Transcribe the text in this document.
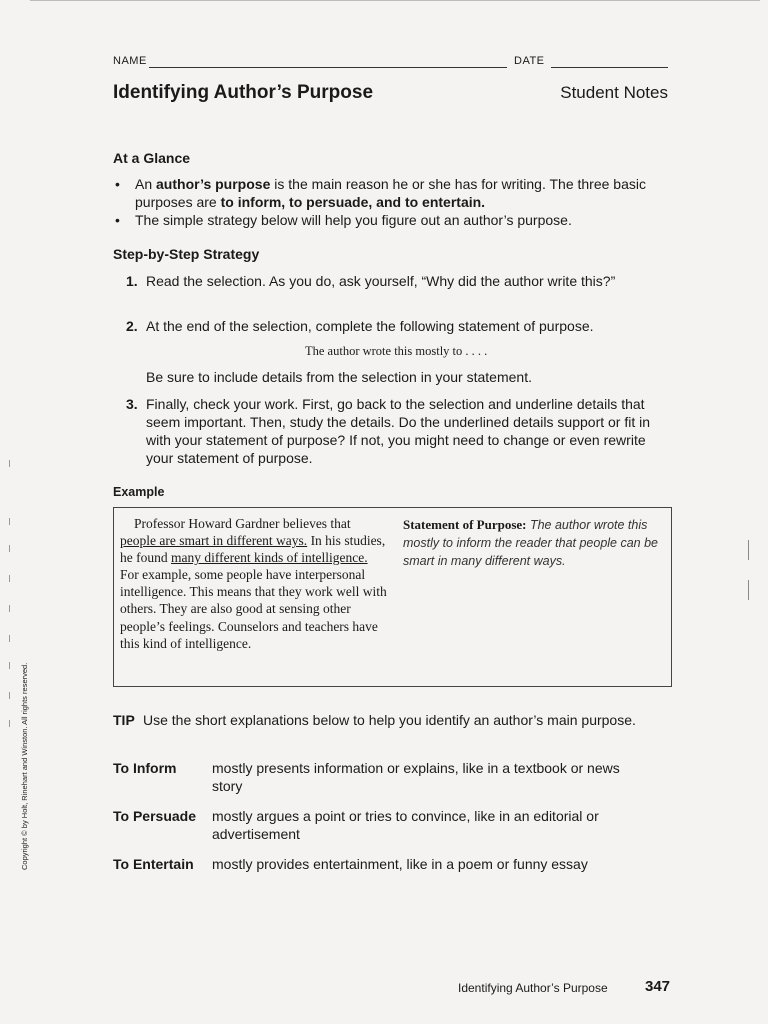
NAME	DATE
Identifying Author’s Purpose	Student Notes
At a Glance
• An author’s purpose is the main reason he or she has for writing. The three basic purposes are to inform, to persuade, and to entertain.
• The simple strategy below will help you figure out an author’s purpose.
Step-by-Step Strategy
1. Read the selection. As you do, ask yourself, “Why did the author write this?”
2. At the end of the selection, complete the following statement of purpose.
The author wrote this mostly to . . . .
Be sure to include details from the selection in your statement.
3. Finally, check your work. First, go back to the selection and underline details that seem important. Then, study the details. Do the underlined details support or fit in with your statement of purpose? If not, you might need to change or even rewrite your statement of purpose.
Example
Professor Howard Gardner believes that people are smart in different ways. In his studies, he found many different kinds of intelligence. For example, some people have interpersonal intelligence. This means that they work well with others. They are also good at sensing other people’s feelings. Counselors and teachers have this kind of intelligence.
Statement of Purpose: The author wrote this mostly to inform the reader that people can be smart in many different ways.
TIP Use the short explanations below to help you identify an author’s main purpose.
To Inform	mostly presents information or explains, like in a textbook or news story
To Persuade mostly argues a point or tries to convince, like in an editorial or advertisement
To Entertain mostly provides entertainment, like in a poem or funny essay
Copyright © by Holt, Rinehart and Winston. All rights reserved.
Identifying Author’s Purpose 347
